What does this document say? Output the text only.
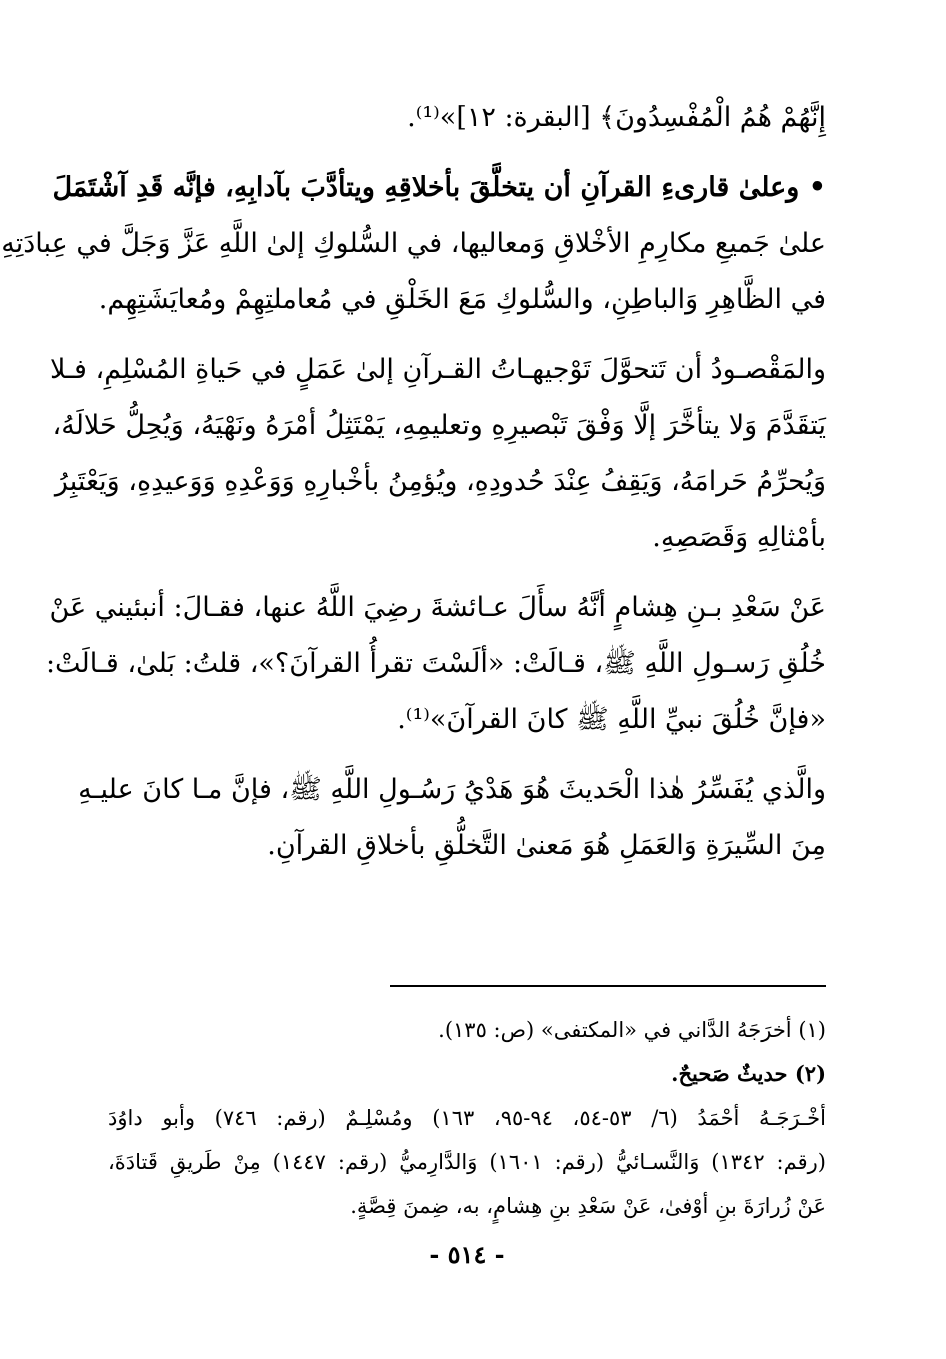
إِنَّهُمْ هُمُ الْمُفْسِدُونَ﴾ [البقرة: ١٢]»⁽¹⁾.

• وعلىٰ قارىءِ القرآنِ أن يتخلَّقَ بأخلاقِهِ ويتأدَّبَ بآدابِهِ، فإنَّه قَدِ آشْتَمَلَ
علىٰ جَميعِ مكارِمِ الأخْلاقِ وَمعاليها، في السُّلوكِ إلىٰ اللَّهِ عَزَّ وَجَلَّ في عِبادَتِهِ
في الظَّاهِرِ وَالباطِنِ، والسُّلوكِ مَعَ الخَلْقِ في مُعاملتِهِمْ ومُعايَشَتِهِم.

والمَقْصـودُ أن تَتحوَّلَ تَوْجيهـاتُ القـرآنِ إلىٰ عَمَلٍ في حَياةِ المُسْلِمِ، فـلا
يَتقَدَّمَ وَلا يتأخَّرَ إلَّا وَفْقَ تَبْصيرِهِ وتعليمِهِ، يَمْتَثِلُ أمْرَهُ ونَهْيَهُ، وَيُحِلُّ حَلالَهُ،
وَيُحرِّمُ حَرامَهُ، وَيَقِفُ عِنْدَ حُدودِهِ، ويُؤمِنُ بأخْبارِهِ وَوَعْدِهِ وَوَعيدِهِ، وَيَعْتَبِرُ
بأمْثالِهِ وَقَصَصِهِ.

عَنْ سَعْدِ بـنِ هِشامٍ أنَّهُ سأَلَ عـائشةَ رضِيَ اللَّهُ عنها، فقـالَ: أنبئيني عَنْ
خُلُقِ رَسـولِ اللَّهِ ﷺ، قـالَتْ: «ألَسْتَ تقرأُ القرآنَ؟»، قلتُ: بَلىٰ، قـالَتْ:
«فإنَّ خُلُقَ نبيِّ اللَّهِ ﷺ كانَ القرآنَ»⁽¹⁾.

والَّذي يُفَسِّرُ هٰذا الْحَديثَ هُوَ هَدْيُ رَسُـولِ اللَّهِ ﷺ، فإنَّ مـا كانَ عليـهِ
مِنَ السِّيرَةِ وَالعَمَلِ هُوَ مَعنىٰ التَّخلُّقِ بأخلاقِ القرآنِ.

(١) أخرَجَهُ الدَّاني في «المكتفى» (ص: ١٣٥).
(٢) حديثٌ صَحيحٌ.
أخْـرَجَـهُ أحْمَدُ (٦/ ٥٣-٥٤، ٩٤-٩٥، ١٦٣) ومُسْلِـمٌ (رقم: ٧٤٦) وأبو داوُدَ
(رقم: ١٣٤٢) وَالنَّسـائيُّ (رقم: ١٦٠١) وَالدَّارِميُّ (رقم: ١٤٤٧) مِنْ طَريقِ قَتادَةَ،
عَنْ زُرارَةَ بنِ أوْفىٰ، عَنْ سَعْدِ بنِ هِشامٍ، به، ضِمنَ قِصَّةٍ.
- ٥١٤ -
